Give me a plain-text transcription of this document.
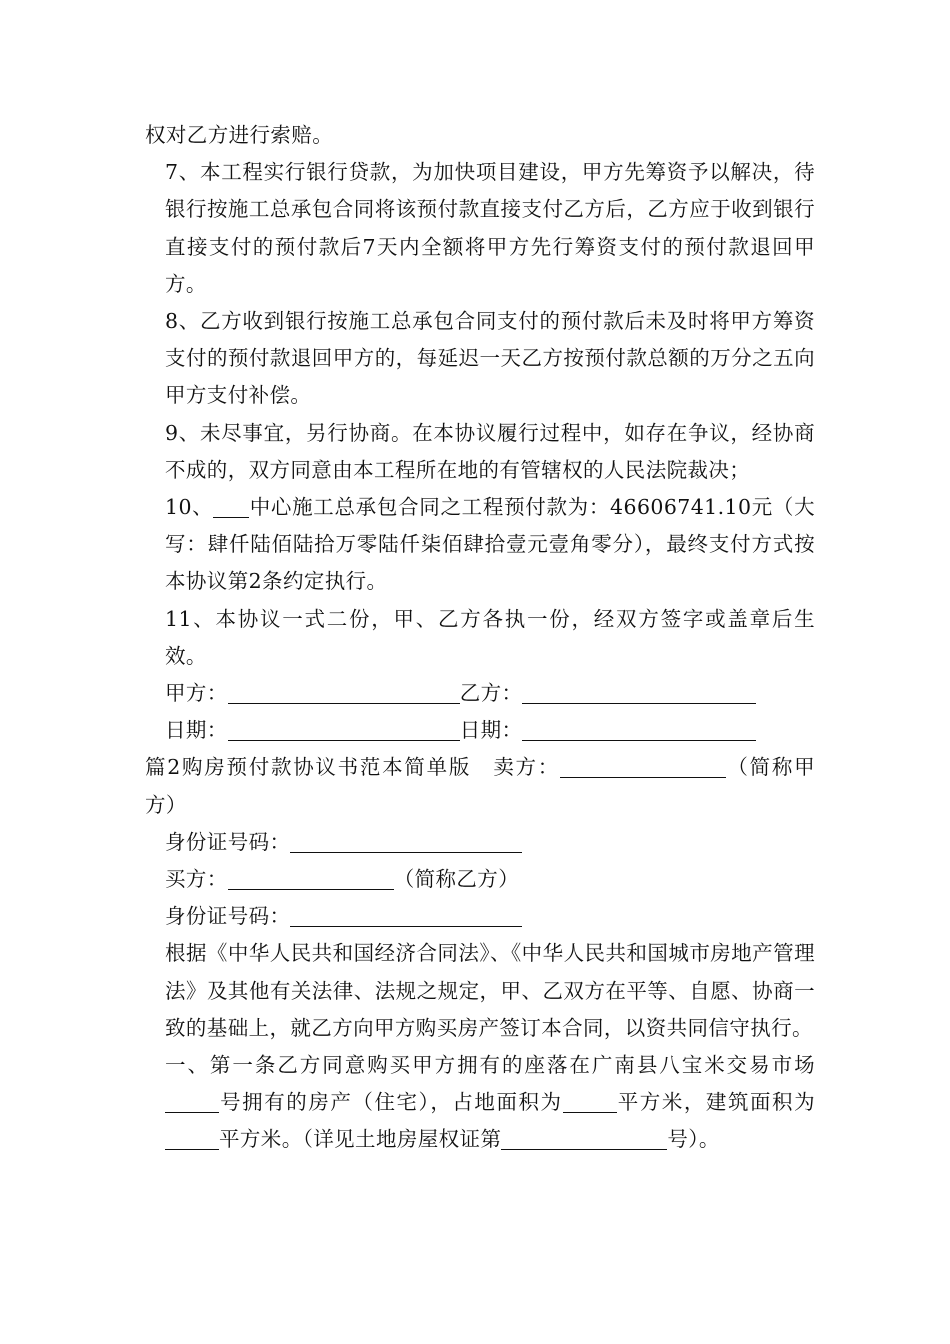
权对乙方进行索赔。

7、本工程实行银行贷款，为加快项目建设，甲方先筹资予以解决，待银行按施工总承包合同将该预付款直接支付乙方后，乙方应于收到银行直接支付的预付款后7天内全额将甲方先行筹资支付的预付款退回甲方。

8、乙方收到银行按施工总承包合同支付的预付款后未及时将甲方筹资支付的预付款退回甲方的，每延迟一天乙方按预付款总额的万分之五向甲方支付补偿。

9、未尽事宜，另行协商。在本协议履行过程中，如存在争议，经协商不成的，双方同意由本工程所在地的有管辖权的人民法院裁决；

10、 中心施工总承包合同之工程预付款为：46606741.10元（大写：肆仟陆佰陆拾万零陆仟柒佰肆拾壹元壹角零分），最终支付方式按本协议第2条约定执行。

11、本协议一式二份，甲、乙方各执一份，经双方签字或盖章后生效。

甲方：	乙方：

日期：	日期：

篇2购房预付款协议书范本简单版　卖方：	（简称甲方）

身份证号码：

买方：	（简称乙方）

身份证号码：

根据《中华人民共和国经济合同法》、《中华人民共和国城市房地产管理法》及其他有关法律、法规之规定，甲、乙双方在平等、自愿、协商一致的基础上，就乙方向甲方购买房产签订本合同，以资共同信守执行。

一、第一条乙方同意购买甲方拥有的座落在广南县八宝米交易市场号拥有的房产（住宅），占地面积为	平方米，建筑面积为平方米。（详见土地房屋权证第	号）。
